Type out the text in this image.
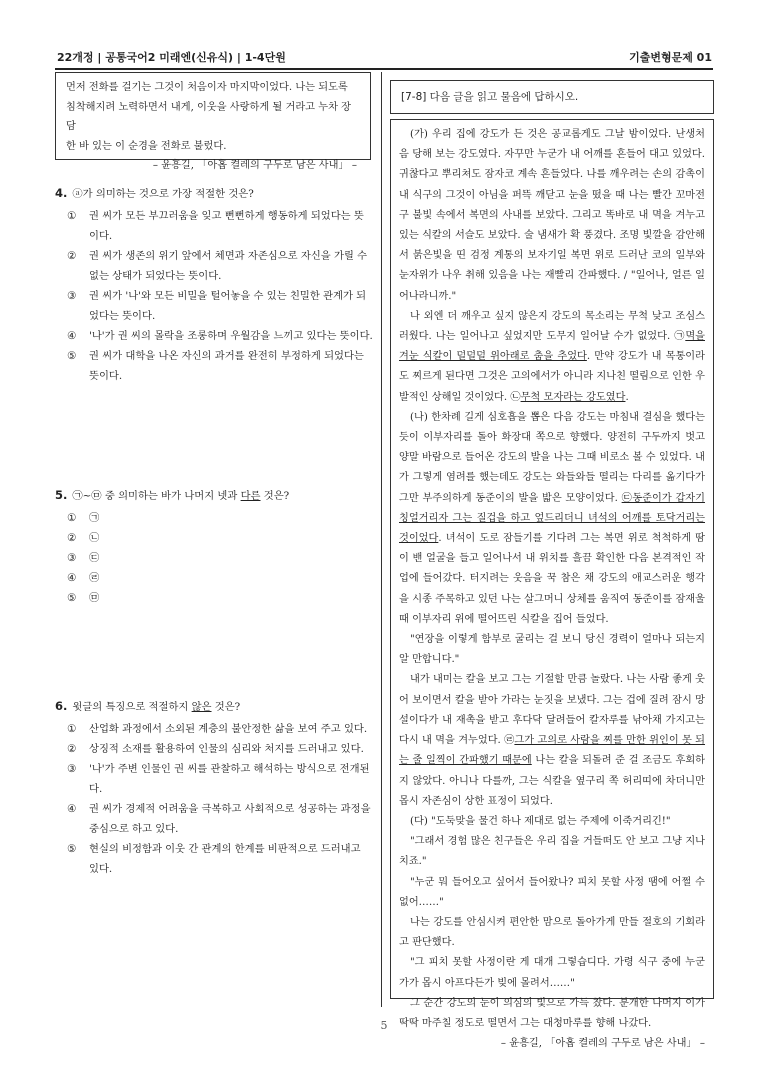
22개정 | 공통국어2 미래엔(신유식) | 1-4단원	기출변형문제 01

먼저 전화를 걸기는 그것이 처음이자 마지막이었다. 나는 되도록

침착해지려 노력하면서 내게, 이웃을 사랑하게 될 거라고 누차 장담

한 바 있는 이 순경을 전화로 불렀다.

– 윤흥길, 「아홉 켤레의 구두로 남은 사내」 –

4. ⓐ가 의미하는 것으로 가장 적절한 것은?

①	권 씨가 모든 부끄러움을 잊고 뻔뻔하게 행동하게 되었다는 뜻이다.
②	권 씨가 생존의 위기 앞에서 체면과 자존심으로 자신을 가릴 수 없는 상태가 되었다는 뜻이다.
③	권 씨가 '나'와 모든 비밀을 털어놓을 수 있는 친밀한 관계가 되었다는 뜻이다.
④	'나'가 권 씨의 몰락을 조롱하며 우월감을 느끼고 있다는 뜻이다.
⑤	권 씨가 대학을 나온 자신의 과거를 완전히 부정하게 되었다는 뜻이다.

5. ㉠~㉤ 중 의미하는 바가 나머지 넷과 다른 것은?

①	㉠
②	㉡
③	㉢
④	㉣
⑤	㉤

6. 윗글의 특징으로 적절하지 않은 것은?

①	산업화 과정에서 소외된 계층의 불안정한 삶을 보여 주고 있다.
②	상징적 소재를 활용하여 인물의 심리와 처지를 드러내고 있다.
③	'나'가 주변 인물인 권 씨를 관찰하고 해석하는 방식으로 전개된다.
④	권 씨가 경제적 어려움을 극복하고 사회적으로 성공하는 과정을 중심으로 하고 있다.
⑤	현실의 비정함과 이웃 간 관계의 한계를 비판적으로 드러내고 있다.
[7-8] 다음 글을 읽고 물음에 답하시오.

(가) 우리 집에 강도가 든 것은 공교롭게도 그날 밤이었다. 난생처음 당해 보는 강도였다. 자꾸만 누군가 내 어깨를 흔들어 대고 있었다. 귀찮다고 뿌리쳐도 잠자코 계속 흔들었다. 나를 깨우려는 손의 감촉이 내 식구의 그것이 아님을 퍼뜩 깨닫고 눈을 떴을 때 나는 빨간 꼬마전구 불빛 속에서 복면의 사내를 보았다. 그리고 똑바로 내 멱을 겨누고 있는 식칼의 서슬도 보았다. 술 냄새가 확 풍겼다. 조명 빛깔을 감안해서 붉은빛을 띤 검정 계통의 보자기일 복면 위로 드러난 코의 일부와 눈자위가 나우 취해 있음을 나는 재빨리 간파했다. / "일어나, 얼른 일어나라니까."

나 외엔 더 깨우고 싶지 않은지 강도의 목소리는 무척 낮고 조심스러웠다. 나는 일어나고 싶었지만 도무지 일어날 수가 없었다. ㉠멱을 겨눈 식칼이 덜덜덜 위아래로 춤을 추었다. 만약 강도가 내 목통이라도 찌르게 된다면 그것은 고의에서가 아니라 지나친 떨림으로 인한 우발적인 상해일 것이었다. ㉡무척 모자라는 강도였다.

(나) 한차례 길게 심호흡을 뽑은 다음 강도는 마침내 결심을 했다는 듯이 이부자리를 돌아 화장대 쪽으로 향했다. 양전히 구두까지 벗고 양말 바람으로 들어온 강도의 발을 나는 그때 비로소 볼 수 있었다. 내가 그렇게 염려를 했는데도 강도는 와들와들 떨리는 다리를 옮기다가 그만 부주의하게 동준이의 발을 밟은 모양이었다. ㉢동준이가 갑자기 칭얼거리자 그는 질겁을 하고 엎드리더니 녀석의 어깨를 토닥거리는 것이었다. 녀석이 도로 잠들기를 기다려 그는 복면 위로 척척하게 땀이 밴 얼굴을 들고 일어나서 내 위치를 흘끔 확인한 다음 본격적인 작업에 들어갔다. 터지려는 웃음을 꾹 참은 채 강도의 애교스러운 행각을 시종 주목하고 있던 나는 살그머니 상체를 움직여 동준이를 잠재울 때 이부자리 위에 떨어뜨린 식칼을 집어 들었다.

"연장을 이렇게 함부로 굴리는 걸 보니 당신 경력이 얼마나 되는지 알 만합니다."

내가 내미는 칼을 보고 그는 기절할 만큼 놀랐다. 나는 사람 좋게 웃어 보이면서 칼을 받아 가라는 눈짓을 보냈다. 그는 겁에 질려 잠시 망설이다가 내 재촉을 받고 후다닥 달려들어 칼자루를 낚아채 가지고는 다시 내 멱을 겨누었다. ㉣그가 고의로 사람을 찌를 만한 위인이 못 되는 줄 일찍이 간파했기 때문에 나는 칼을 되돌려 준 걸 조금도 후회하지 않았다. 아니나 다를까, 그는 식칼을 옆구리 쪽 허리띠에 차더니만 몹시 자존심이 상한 표정이 되었다.

(다) "도둑맞을 물건 하나 제대로 없는 주제에 이죽거리긴!"

"그래서 경험 많은 친구들은 우리 집을 거들떠도 안 보고 그냥 지나치죠."

"누군 뭐 들어오고 싶어서 들어왔나? 피치 못할 사정 땜에 어쩔 수 없어……"

나는 강도를 안심시켜 편안한 맘으로 돌아가게 만들 절호의 기회라고 판단했다.

"그 피치 못할 사정이란 게 대개 그렇습디다. 가령 식구 중에 누군가가 몹시 아프다든가 빚에 몰려서……"

그 순간 강도의 눈이 의심의 빛으로 가득 찼다. 분개한 나머지 이가 딱딱 마주칠 정도로 떨면서 그는 대청마루를 향해 나갔다.

– 윤흥길, 「아홉 켤레의 구두로 남은 사내」 –

5
